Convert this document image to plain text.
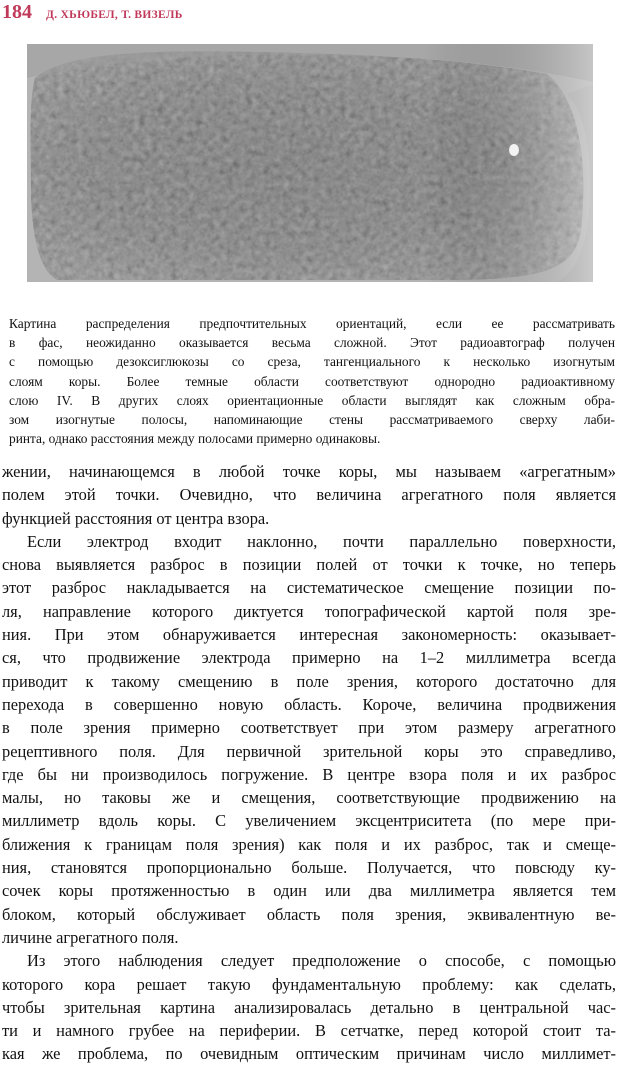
184 Д. ХЬЮБЕЛ, Т. ВИЗЕЛЬ
Картина распределения предпочтительных ориентаций, если ее рассматривать
в фас, неожиданно оказывается весьма сложной. Этот радиоавтограф получен
с помощью дезоксиглюкозы со среза, тангенциального к несколько изогнутым
слоям коры. Более темные области соответствуют однородно радиоактивному
слою IV. В других слоях ориентационные области выглядят как сложным обра-
зом изогнутые полосы, напоминающие стены рассматриваемого сверху лаби-
ринта, однако расстояния между полосами примерно одинаковы.
жении, начинающемся в любой точке коры, мы называем «агрегатным»
полем этой точки. Очевидно, что величина агрегатного поля является
функцией расстояния от центра взора.
Если электрод входит наклонно, почти параллельно поверхности,
снова выявляется разброс в позиции полей от точки к точке, но теперь
этот разброс накладывается на систематическое смещение позиции по-
ля, направление которого диктуется топографической картой поля зре-
ния. При этом обнаруживается интересная закономерность: оказывает-
ся, что продвижение электрода примерно на 1–2 миллиметра всегда
приводит к такому смещению в поле зрения, которого достаточно для
перехода в совершенно новую область. Короче, величина продвижения
в поле зрения примерно соответствует при этом размеру агрегатного
рецептивного поля. Для первичной зрительной коры это справедливо,
где бы ни производилось погружение. В центре взора поля и их разброс
малы, но таковы же и смещения, соответствующие продвижению на
миллиметр вдоль коры. С увеличением эксцентриситета (по мере при-
ближения к границам поля зрения) как поля и их разброс, так и смеще-
ния, становятся пропорционально больше. Получается, что повсюду ку-
сочек коры протяженностью в один или два миллиметра является тем
блоком, который обслуживает область поля зрения, эквивалентную ве-
личине агрегатного поля.
Из этого наблюдения следует предположение о способе, с помощью
которого кора решает такую фундаментальную проблему: как сделать,
чтобы зрительная картина анализировалась детально в центральной час-
ти и намного грубее на периферии. В сетчатке, перед которой стоит та-
кая же проблема, по очевидным оптическим причинам число миллимет-
